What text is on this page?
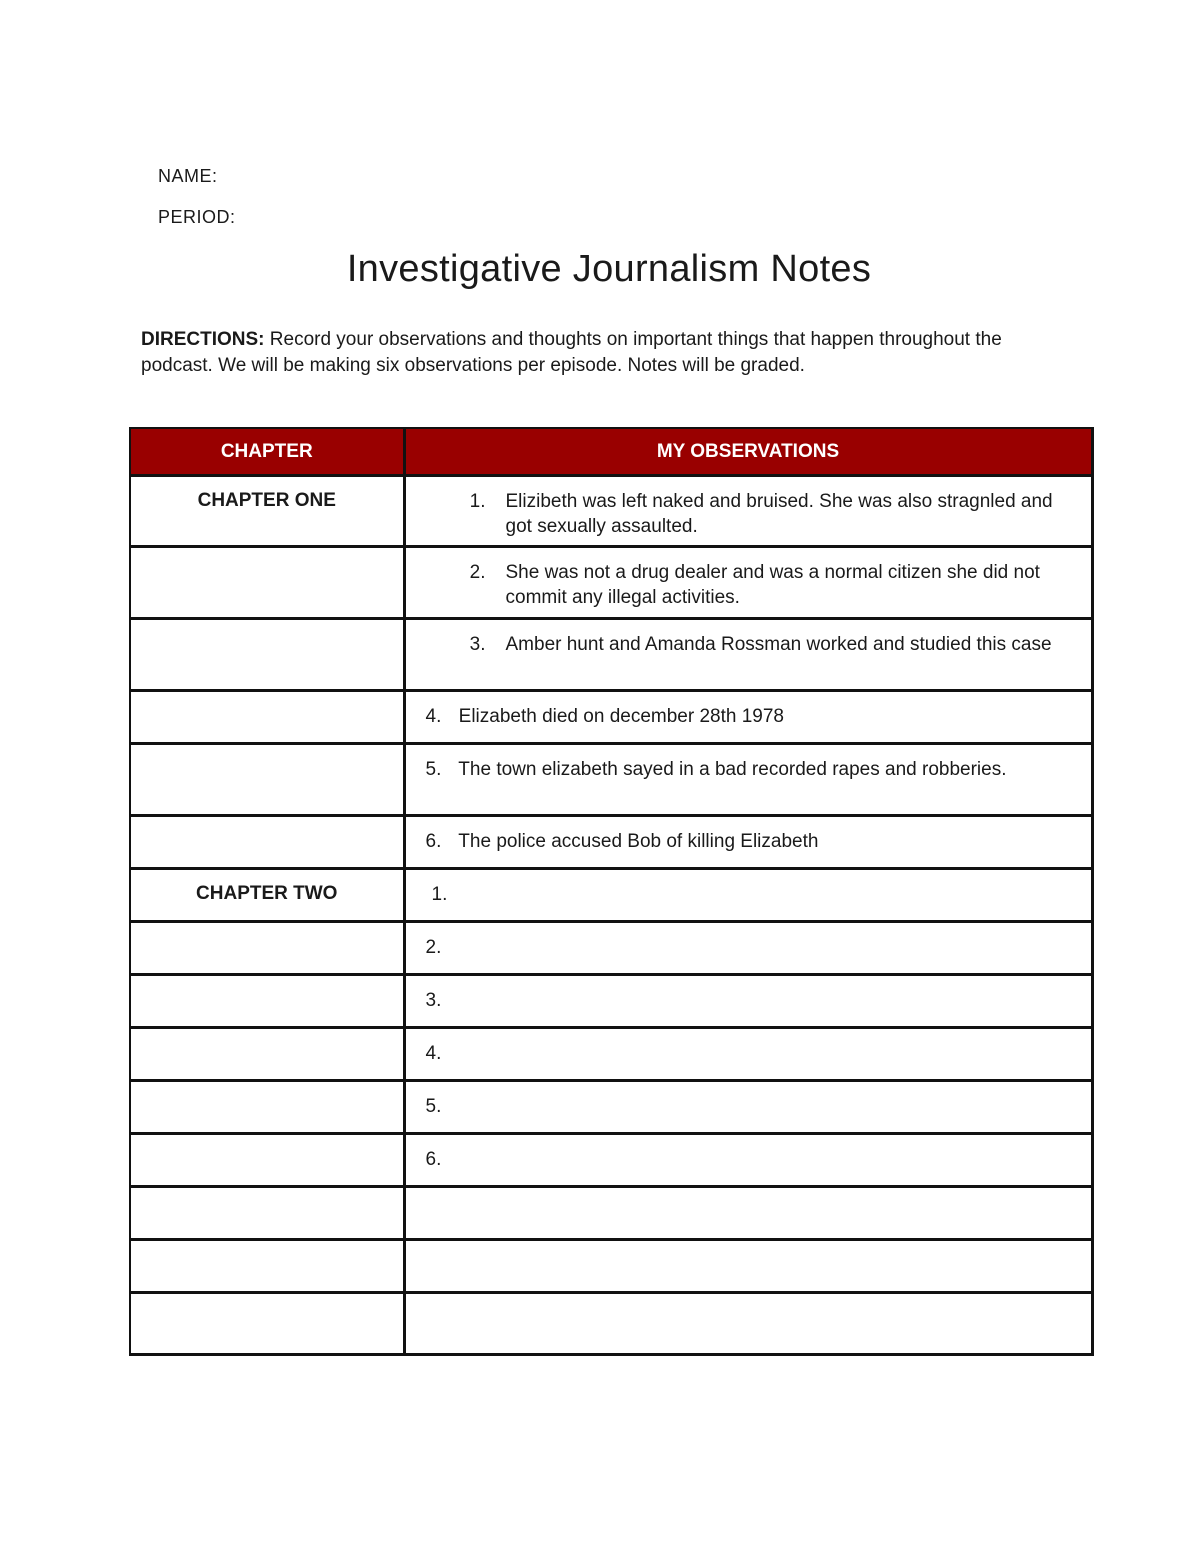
NAME:
PERIOD:
Investigative Journalism Notes
DIRECTIONS: Record your observations and thoughts on important things that happen throughout the podcast. We will be making six observations per episode. Notes will be graded.
CHAPTER	MY OBSERVATIONS
CHAPTER ONE	1. Elizibeth was left naked and bruised. She was also stragnled and got sexually assaulted.

	2. She was not a drug dealer and was a normal citizen she did not commit any illegal activities.

	3. Amber hunt and Amanda Rossman worked and studied this case

	4. Elizabeth died on december 28th 1978

	5. The town elizabeth sayed in a bad recorded rapes and robberies.

	6. The police accused Bob of killing Elizabeth

CHAPTER TWO	1.

	2.

	3.

	4.

	5.

	6.
